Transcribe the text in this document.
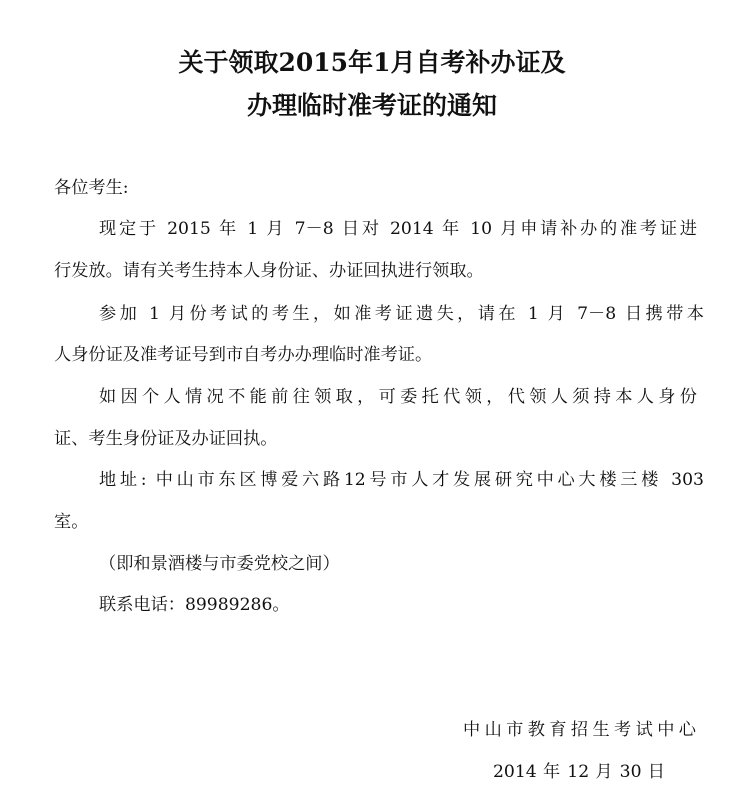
关于领取2015年1月自考补办证及
办理临时准考证的通知

各位考生:

现定于 2015 年 1 月 7－8 日对 2014 年 10 月申请补办的准考证进

行发放。请有关考生持本人身份证、办证回执进行领取。

参加 1 月份考试的考生，如准考证遗失，请在 1 月 7－8 日携带本

人身份证及准考证号到市自考办办理临时准考证。

如因个人情况不能前往领取，可委托代领，代领人须持本人身份

证、考生身份证及办证回执。

地址: 中山市东区博爱六路12号市人才发展研究中心大楼三楼 303

室。

（即和景酒楼与市委党校之间）

联系电话：89989286。

中山市教育招生考试中心

2014 年 12 月 30 日
